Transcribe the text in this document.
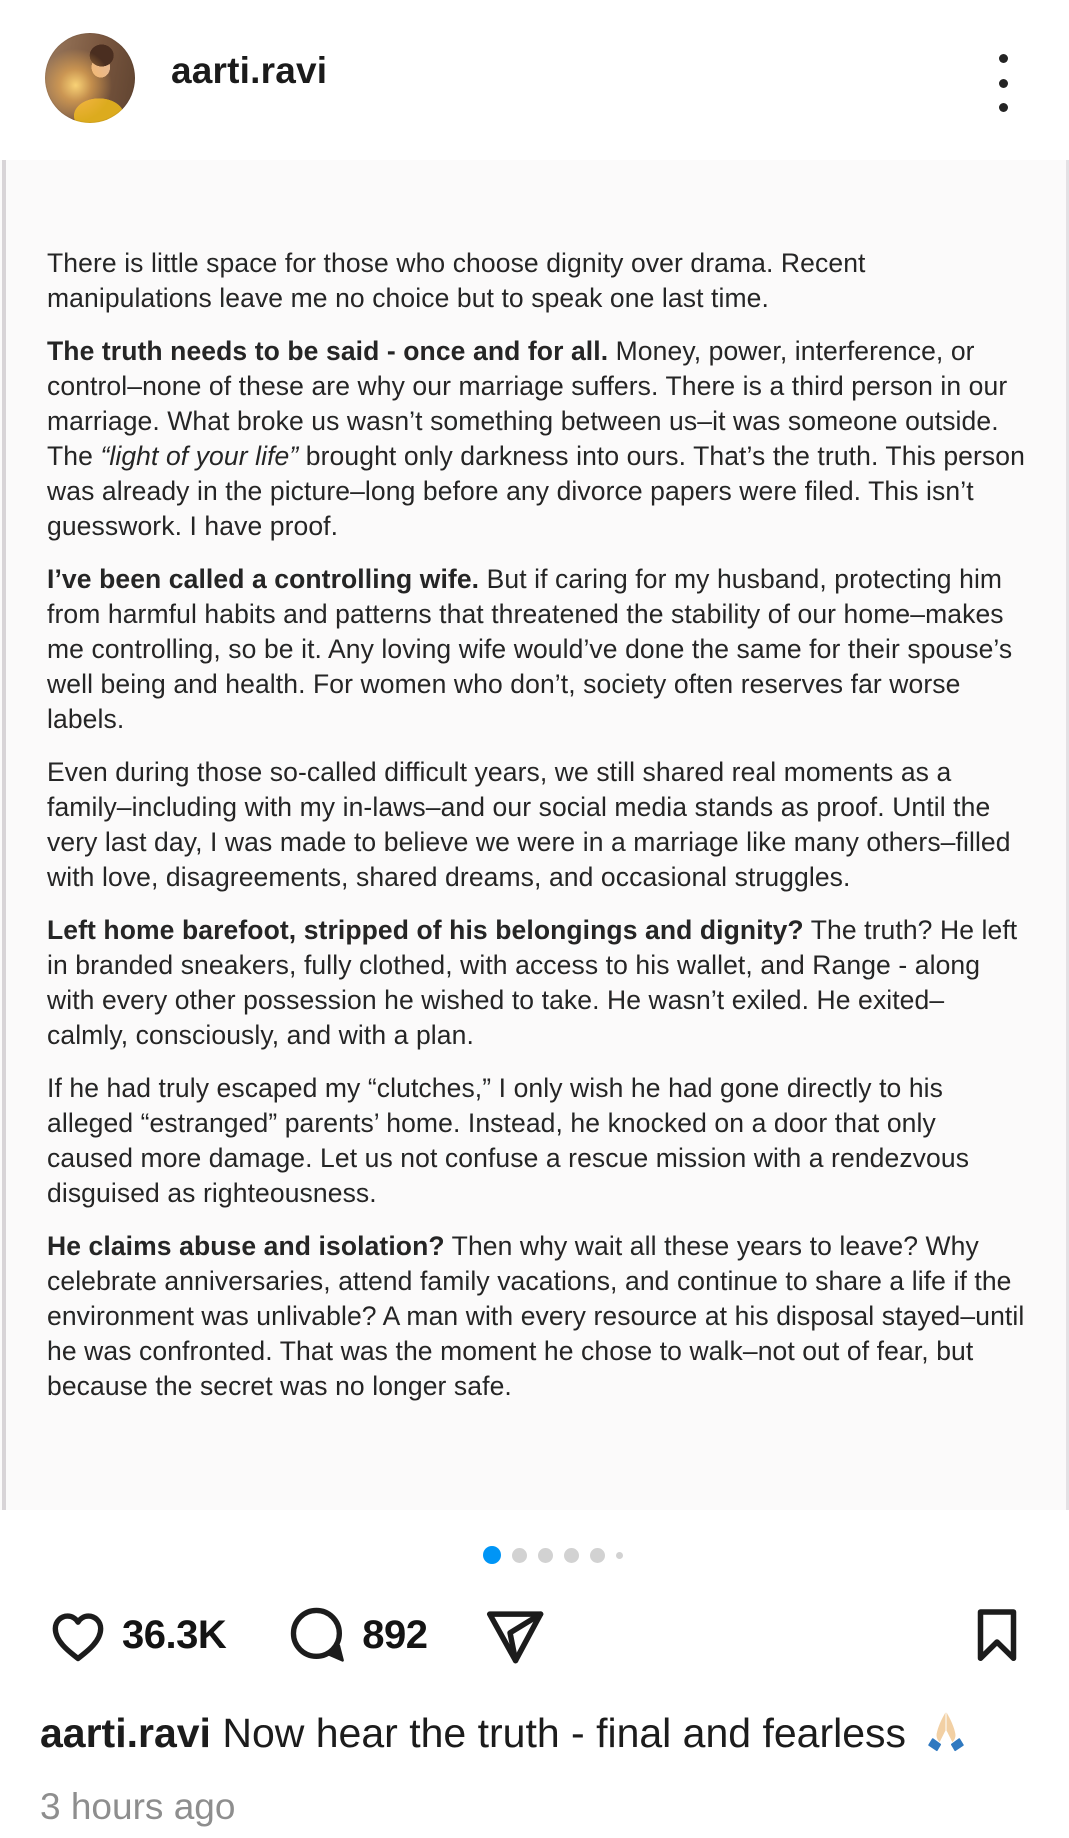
aarti.ravi

There is little space for those who choose dignity over drama. Recent manipulations leave me no choice but to speak one last time.

The truth needs to be said - once and for all. Money, power, interference, or control–none of these are why our marriage suffers. There is a third person in our marriage. What broke us wasn’t something between us–it was someone outside. The “light of your life” brought only darkness into ours. That’s the truth. This person was already in the picture–long before any divorce papers were filed. This isn’t guesswork. I have proof.

I’ve been called a controlling wife. But if caring for my husband, protecting him from harmful habits and patterns that threatened the stability of our home–makes me controlling, so be it. Any loving wife would’ve done the same for their spouse’s well being and health. For women who don’t, society often reserves far worse labels.

Even during those so-called difficult years, we still shared real moments as a family–including with my in-laws–and our social media stands as proof. Until the very last day, I was made to believe we were in a marriage like many others–filled with love, disagreements, shared dreams, and occasional struggles.

Left home barefoot, stripped of his belongings and dignity? The truth? He left in branded sneakers, fully clothed, with access to his wallet, and Range - along with every other possession he wished to take. He wasn’t exiled. He exited–calmly, consciously, and with a plan.

If he had truly escaped my “clutches,” I only wish he had gone directly to his alleged “estranged” parents’ home. Instead, he knocked on a door that only caused more damage. Let us not confuse a rescue mission with a rendezvous disguised as righteousness.

He claims abuse and isolation? Then why wait all these years to leave? Why celebrate anniversaries, attend family vacations, and continue to share a life if the environment was unlivable? A man with every resource at his disposal stayed–until he was confronted. That was the moment he chose to walk–not out of fear, but because the secret was no longer safe.

36.3K	892
aarti.ravi Now hear the truth - final and fearless
3 hours ago
